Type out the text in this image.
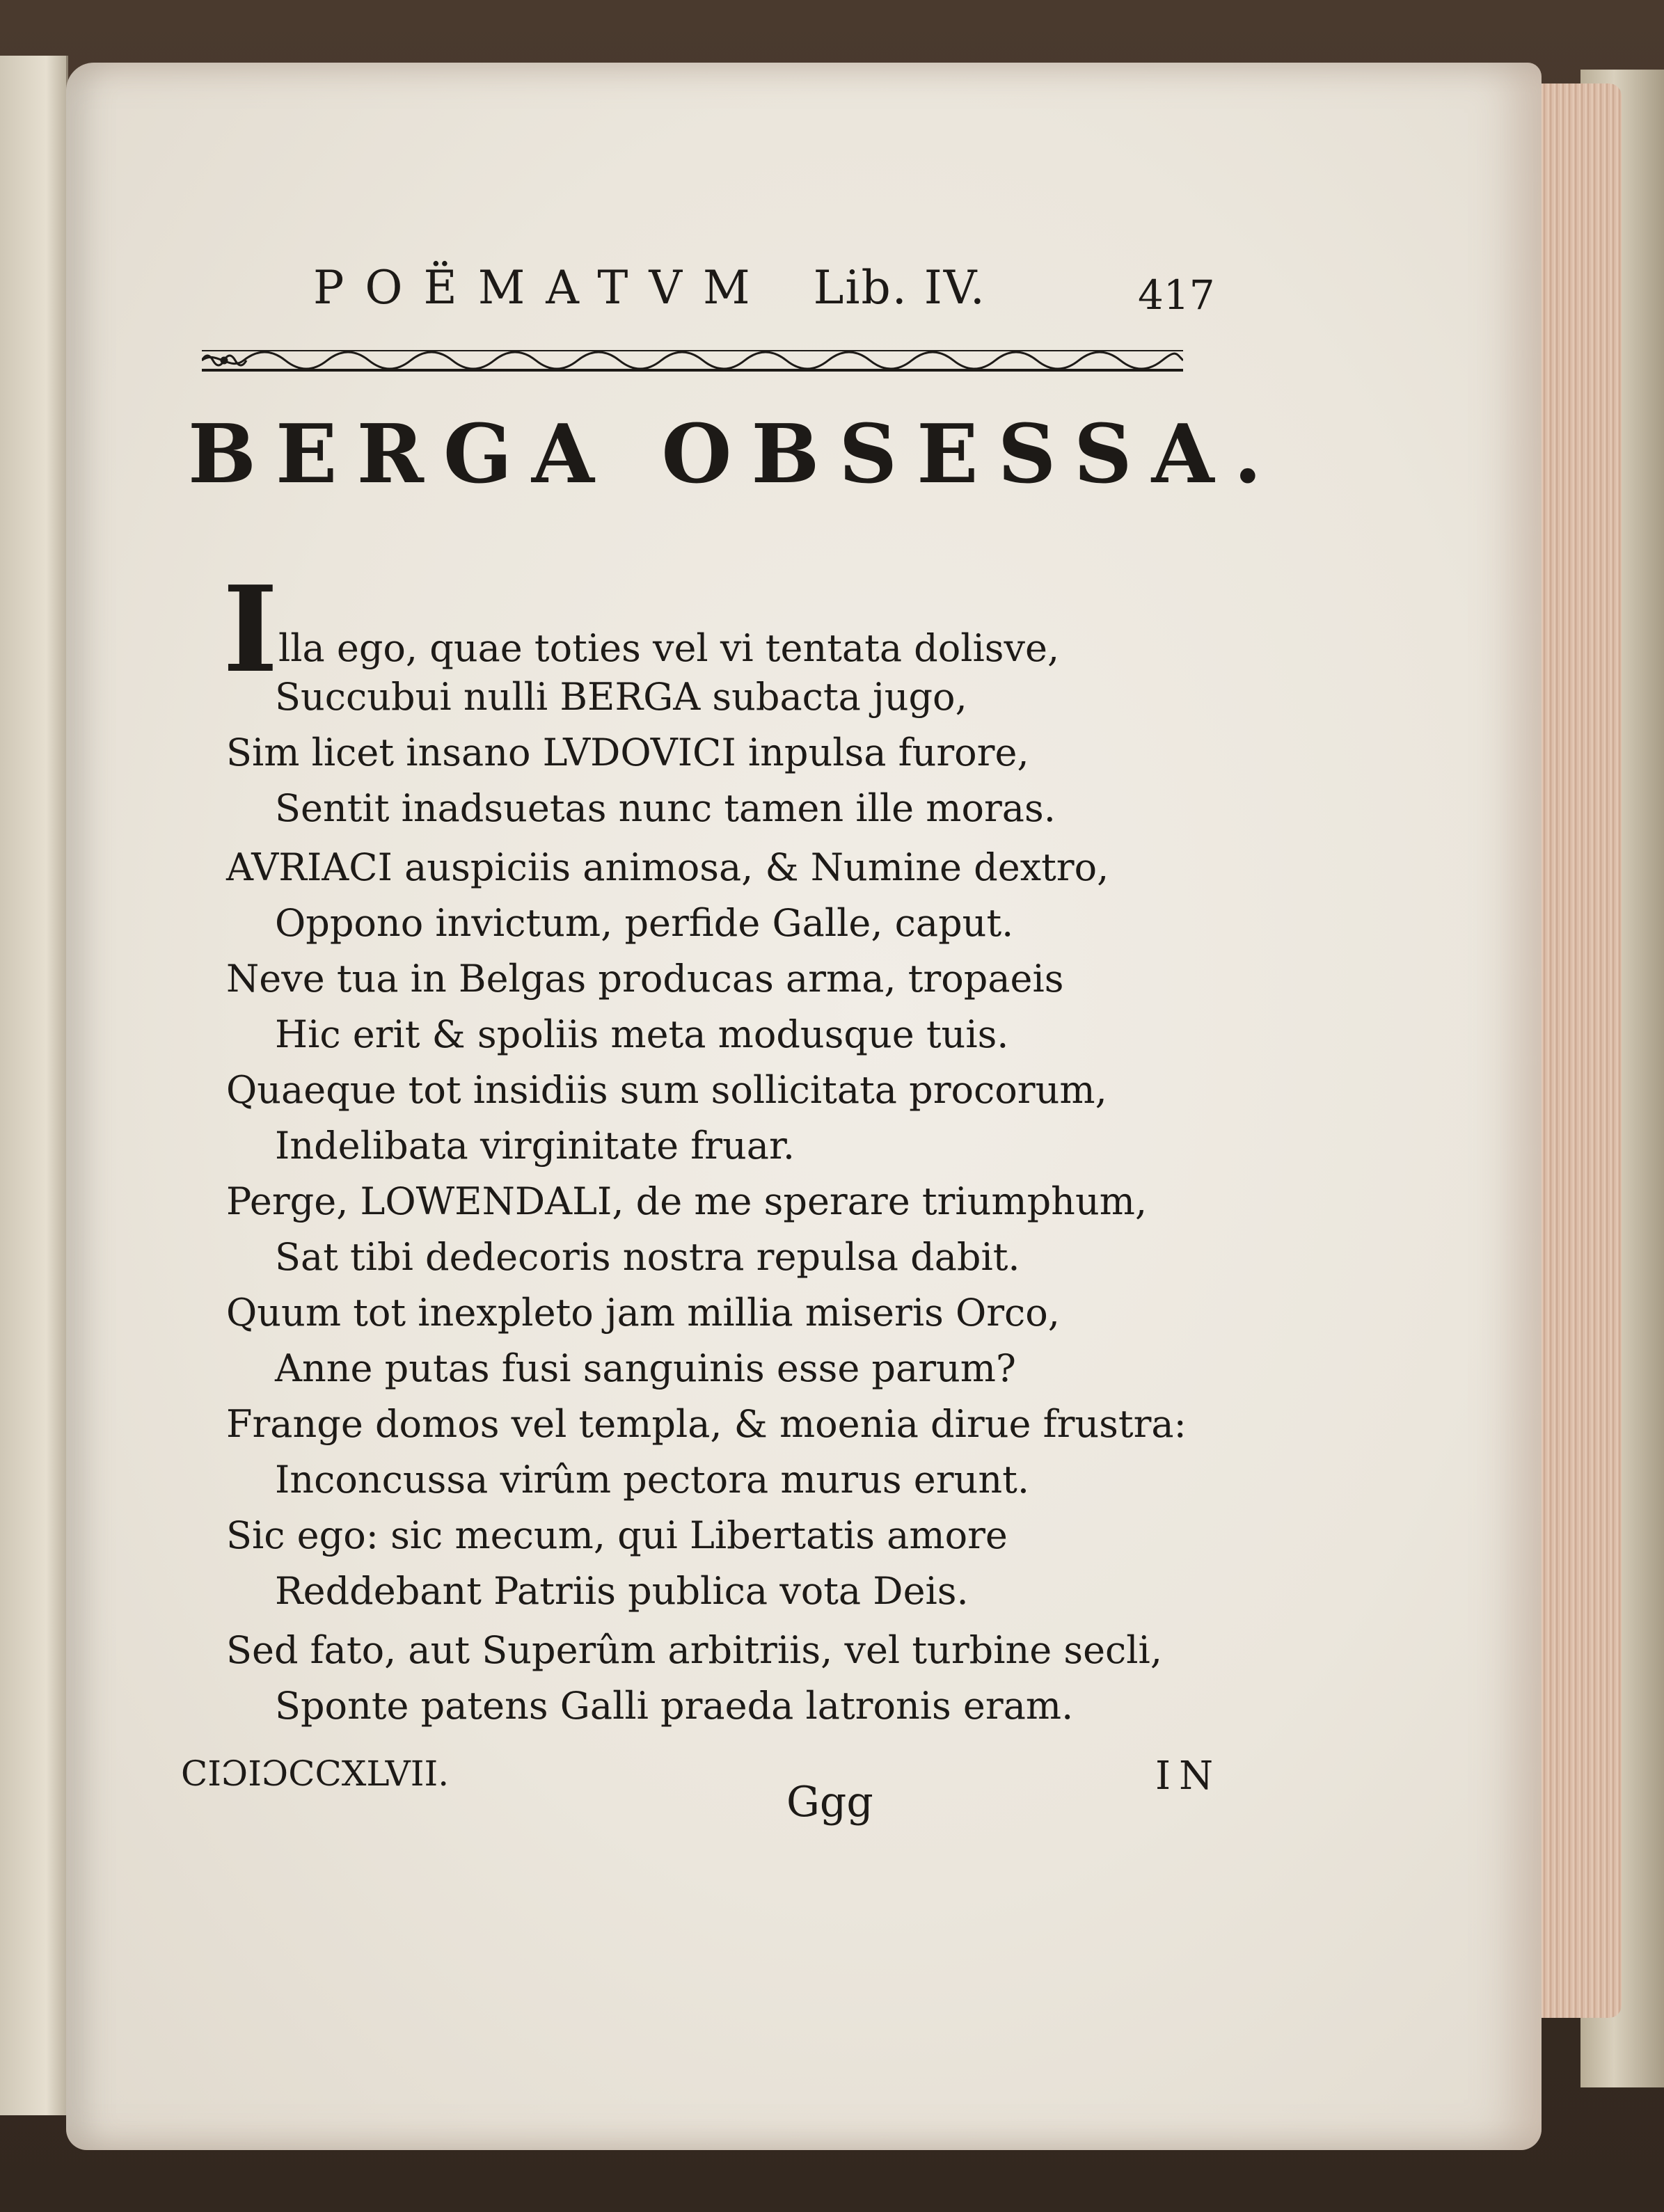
POËMATVM Lib. IV.	417
BERGA OBSESSA.
I lla ego, quae toties vel vi tentata dolisve,
Succubui nulli BERGA subacta jugo,
Sim licet insano LVDOVICI inpulsa furore,
Sentit inadsuetas nunc tamen ille moras.
AVRIACI auspiciis animosa, & Numine dextro,
Oppono invictum, perfide Galle, caput.
Neve tua in Belgas producas arma, tropaeis
Hic erit & spoliis meta modusque tuis.
Quaeque tot insidiis sum sollicitata procorum,
Indelibata virginitate fruar.
Perge, LOWENDALI, de me sperare triumphum,
Sat tibi dedecoris nostra repulsa dabit.
Quum tot inexpleto jam millia miseris Orco,
Anne putas fusi sanguinis esse parum?
Frange domos vel templa, & moenia dirue frustra:
Inconcussa virûm pectora murus erunt.
Sic ego: sic mecum, qui Libertatis amore
Reddebant Patriis publica vota Deis.
Sed fato, aut Superûm arbitriis, vel turbine secli,
Sponte patens Galli praeda latronis eram.
CIƆIƆCCXLVII.
Ggg
IN
